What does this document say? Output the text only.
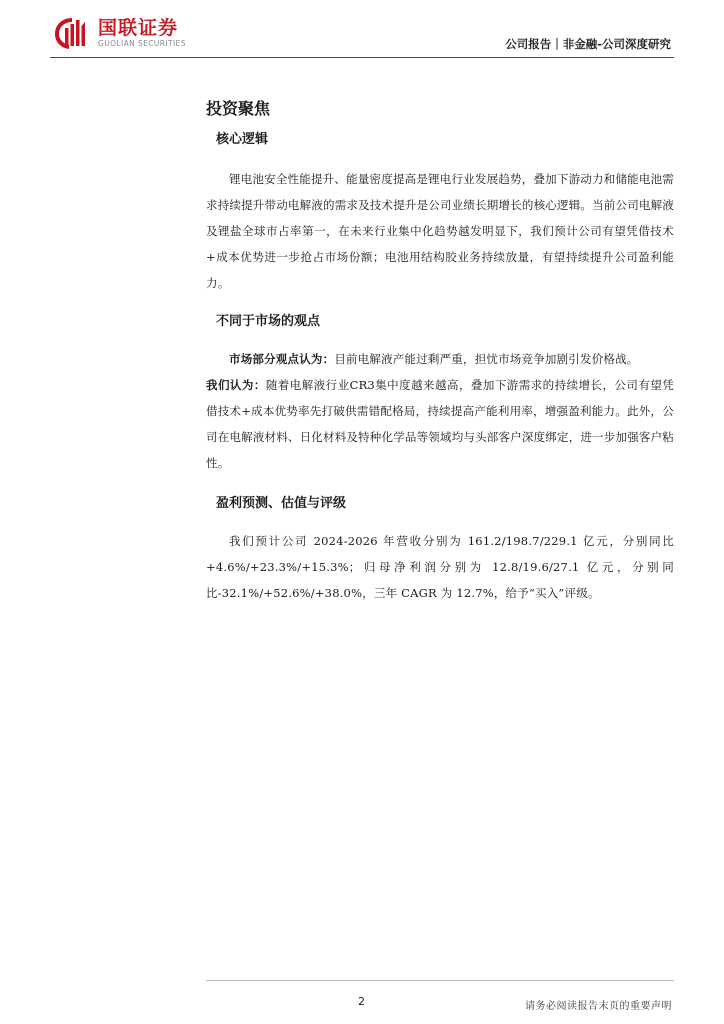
国联证券
GUOLIAN SECURITIES	公司报告｜非金融-公司深度研究
投资聚焦
核心逻辑

锂电池安全性能提升、能量密度提高是锂电行业发展趋势，叠加下游动力和储能电池需求持续提升带动电解液的需求及技术提升是公司业绩长期增长的核心逻辑。当前公司电解液及锂盐全球市占率第一，在未来行业集中化趋势越发明显下，我们预计公司有望凭借技术+成本优势进一步抢占市场份额；电池用结构胶业务持续放量，有望持续提升公司盈利能力。

不同于市场的观点

市场部分观点认为：目前电解液产能过剩严重，担忧市场竞争加剧引发价格战。

我们认为：随着电解液行业CR3集中度越来越高，叠加下游需求的持续增长，公司有望凭借技术+成本优势率先打破供需错配格局，持续提高产能利用率，增强盈利能力。此外，公司在电解液材料、日化材料及特种化学品等领域均与头部客户深度绑定，进一步加强客户粘性。

盈利预测、估值与评级

我们预计公司 2024-2026 年营收分别为 161.2/198.7/229.1 亿元，分别同比+4.6%/+23.3%/+15.3%；归母净利润分别为 12.8/19.6/27.1 亿元，分别同比-32.1%/+52.6%/+38.0%，三年 CAGR 为 12.7%，给予“买入”评级。

2	请务必阅读报告末页的重要声明
